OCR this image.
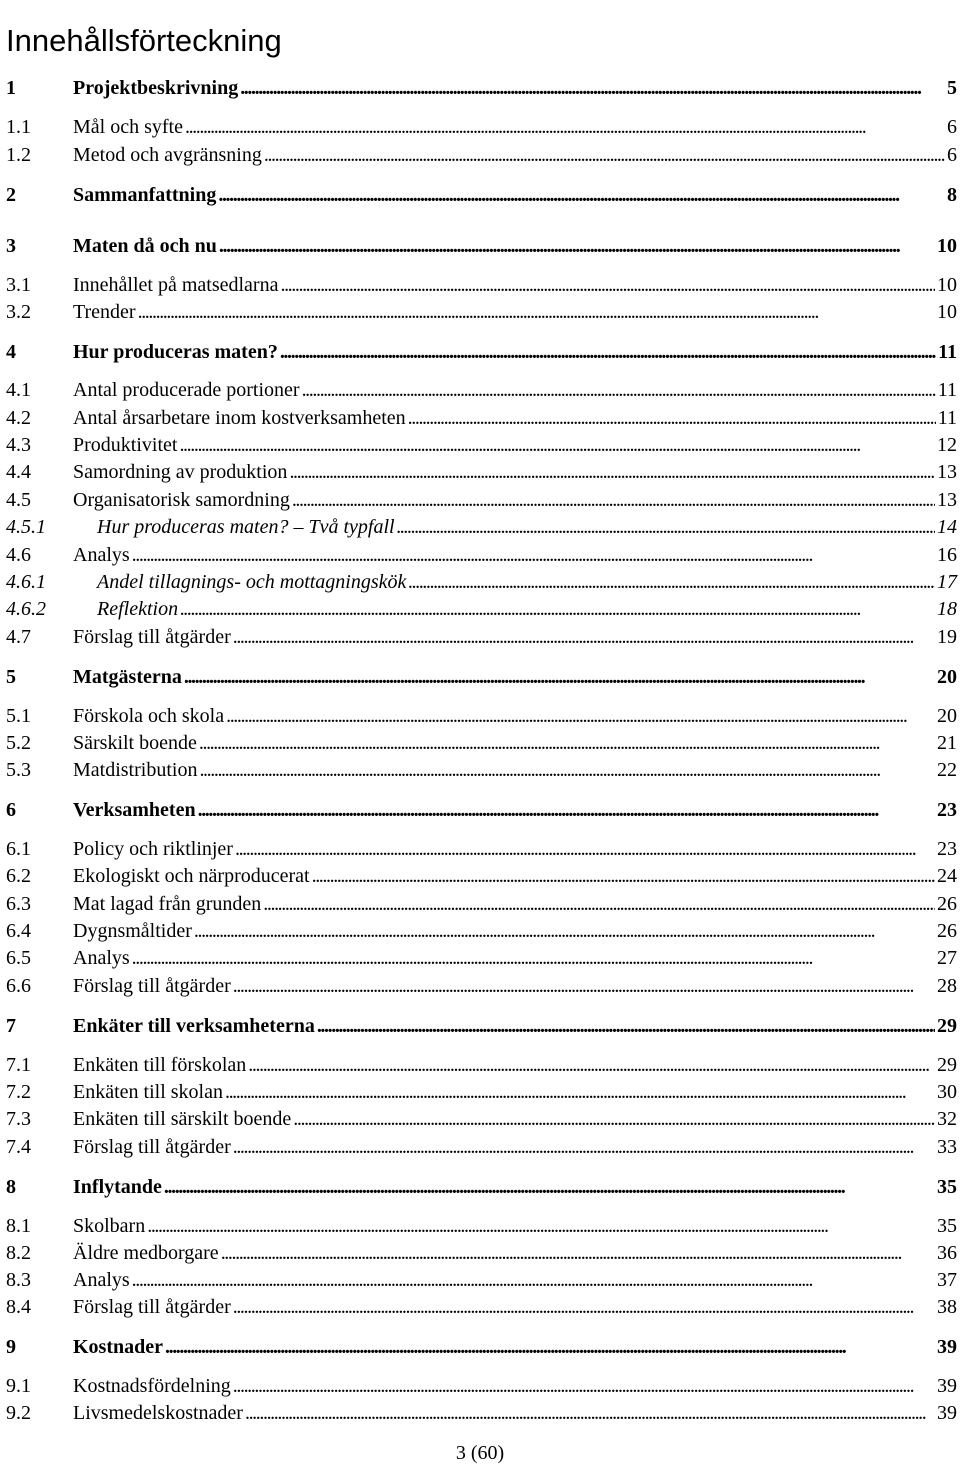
Innehållsförteckning
1	Projektbeskrivning . . .	5
1.1	Mål och syfte . . .	6
1.2	Metod och avgränsning . . .	6
2	Sammanfattning . . .	8
3	Maten då och nu . . .	10
3.1	Innehållet på matsedlarna . . .	10
3.2	Trender . . .	10
4	Hur produceras maten? . . .	11
4.1	Antal producerade portioner . . .	11
4.2	Antal årsarbetare inom kostverksamheten . . .	11
4.3	Produktivitet . . .	12
4.4	Samordning av produktion . . .	13
4.5	Organisatorisk samordning . . .	13
4.5.1	Hur produceras maten? – Två typfall . . .	14
4.6	Analys . . .	16
4.6.1	Andel tillagnings- och mottagningskök . . .	17
4.6.2	Reflektion . . .	18
4.7	Förslag till åtgärder . . .	19
5	Matgästerna . . .	20
5.1	Förskola och skola . . .	20
5.2	Särskilt boende . . .	21
5.3	Matdistribution . . .	22
6	Verksamheten . . .	23
6.1	Policy och riktlinjer . . .	23
6.2	Ekologiskt och närproducerat . . .	24
6.3	Mat lagad från grunden . . .	26
6.4	Dygnsmåltider . . .	26
6.5	Analys . . .	27
6.6	Förslag till åtgärder . . .	28
7	Enkäter till verksamheterna . . .	29
7.1	Enkäten till förskolan . . .	29
7.2	Enkäten till skolan . . .	30
7.3	Enkäten till särskilt boende . . .	32
7.4	Förslag till åtgärder . . .	33
8	Inflytande . . .	35
8.1	Skolbarn . . .	35
8.2	Äldre medborgare . . .	36
8.3	Analys . . .	37
8.4	Förslag till åtgärder . . .	38
9	Kostnader . . .	39
9.1	Kostnadsfördelning . . .	39
9.2	Livsmedelskostnader . . .	39
3 (60)
